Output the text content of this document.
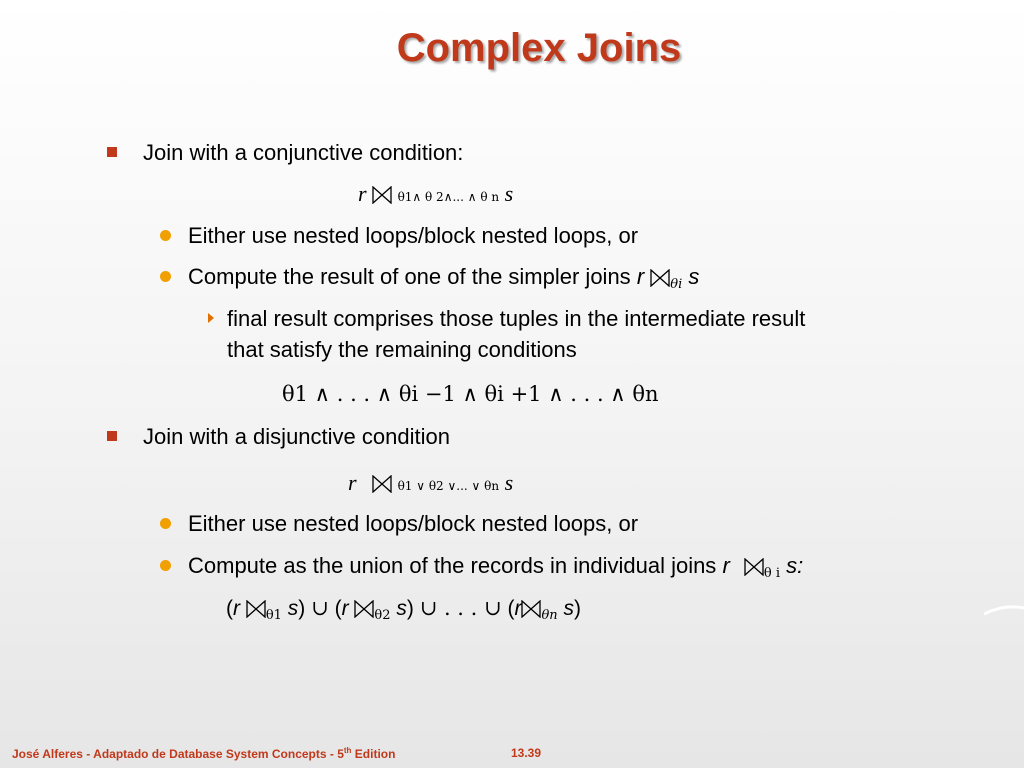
Complex Joins
Join with a conjunctive condition:
r	θ1∧ θ 2∧... ∧ θ n s
Either use nested loops/block nested loops, or
Compute the result of one of the simpler joins r $_{\theta i}$ s
final result comprises those tuples in the intermediate result
that satisfy the remaining conditions
θ1 ∧ . . . ∧ θi −1 ∧ θi +1 ∧ . . . ∧ θn
Join with a disjunctive condition
r	θ1 ∨ θ2 ∨... ∨ θn s
Either use nested loops/block nested loops, or
Compute as the union of the records in individual joins r	$_{\theta i}$ s:
(r $_{\theta 1}$ s) ∪ (r $_{\theta 2}$ s) ∪ . . . ∪ (r $_{\theta n}$ s)
José Alferes - Adaptado de Database System Concepts - 5th Edition	13.39
